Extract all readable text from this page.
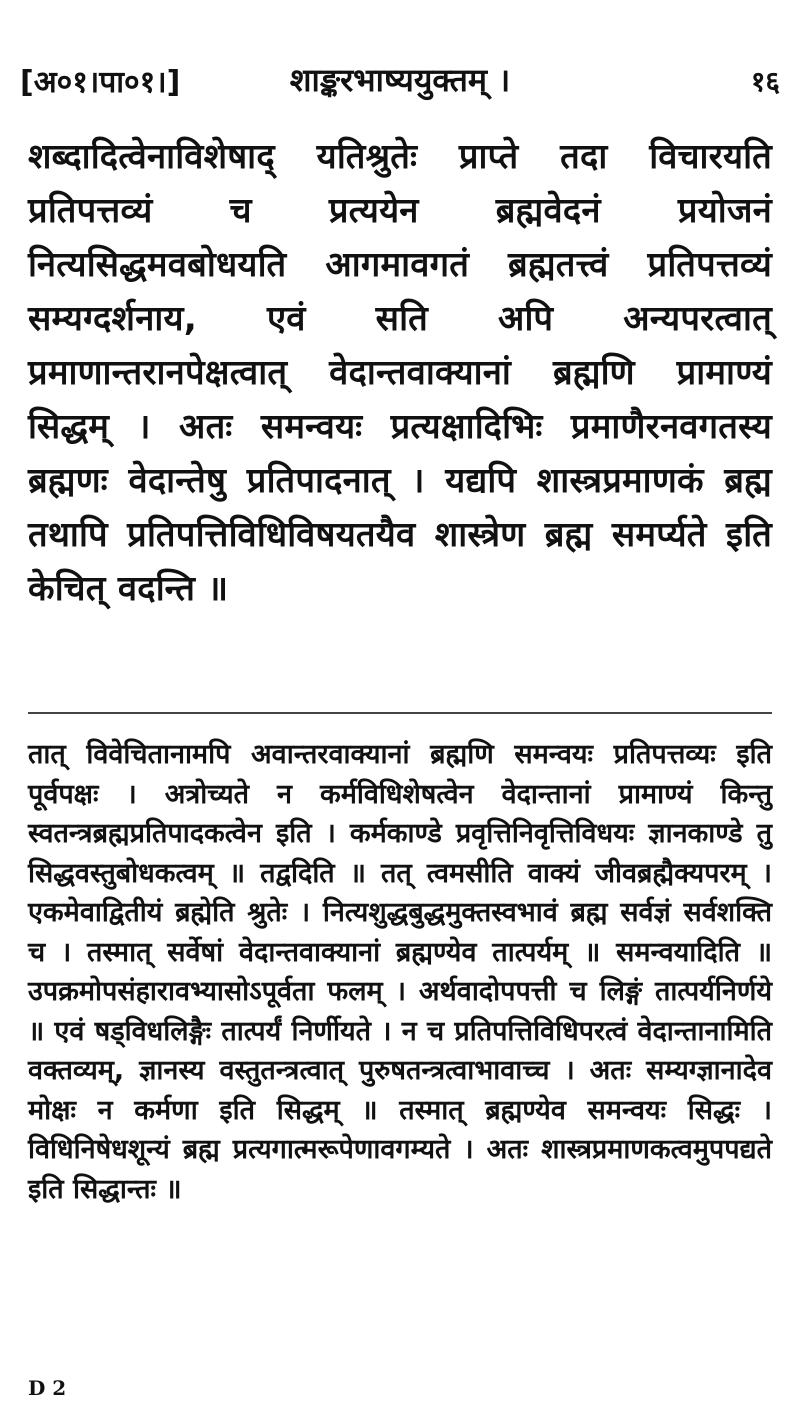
[अ०१।पा०१।]	शाङ्करभाष्ययुक्तम् ।	१६

शब्दादित्वेनाविशेषाद् यतिश्रुतेः प्राप्ते तदा विचारयति प्रतिपत्तव्यं च प्रत्ययेन ब्रह्मवेदनं प्रयोजनं नित्यसिद्धमवबोधयति आगमावगतं ब्रह्मतत्त्वं प्रतिपत्तव्यं सम्यग्दर्शनाय, एवं सति अपि अन्यपरत्वात् प्रमाणान्तरानपेक्षत्वात् वेदान्तवाक्यानां ब्रह्मणि प्रामाण्यं सिद्धम् । अतः समन्वयः प्रत्यक्षादिभिः प्रमाणैरनवगतस्य ब्रह्मणः वेदान्तेषु प्रतिपादनात् । यद्यपि शास्त्रप्रमाणकं ब्रह्म तथापि प्रतिपत्तिविधिविषयतयैव शास्त्रेण ब्रह्म समर्प्यते इति केचित् वदन्ति ॥

तात् विवेचितानामपि अवान्तरवाक्यानां ब्रह्मणि समन्वयः प्रतिपत्तव्यः इति पूर्वपक्षः । अत्रोच्यते न कर्मविधिशेषत्वेन वेदान्तानां प्रामाण्यं किन्तु स्वतन्त्रब्रह्मप्रतिपादकत्वेन इति । कर्मकाण्डे प्रवृत्तिनिवृत्तिविधयः ज्ञानकाण्डे तु सिद्धवस्तुबोधकत्वम् ॥ तद्वदिति ॥ तत् त्वमसीति वाक्यं जीवब्रह्मैक्यपरम् । एकमेवाद्वितीयं ब्रह्मेति श्रुतेः । नित्यशुद्धबुद्धमुक्तस्वभावं ब्रह्म सर्वज्ञं सर्वशक्ति च । तस्मात् सर्वेषां वेदान्तवाक्यानां ब्रह्मण्येव तात्पर्यम् ॥ समन्वयादिति ॥ उपक्रमोपसंहारावभ्यासोऽपूर्वता फलम् । अर्थवादोपपत्ती च लिङ्गं तात्पर्यनिर्णये ॥ एवं षड्विधलिङ्गैः तात्पर्यं निर्णीयते । न च प्रतिपत्तिविधिपरत्वं वेदान्तानामिति वक्तव्यम्, ज्ञानस्य वस्तुतन्त्रत्वात् पुरुषतन्त्रत्वाभावाच्च । अतः सम्यग्ज्ञानादेव मोक्षः न कर्मणा इति सिद्धम् ॥ तस्मात् ब्रह्मण्येव समन्वयः सिद्धः । विधिनिषेधशून्यं ब्रह्म प्रत्यगात्मरूपेणावगम्यते । अतः शास्त्रप्रमाणकत्वमुपपद्यते इति सिद्धान्तः ॥

D 2
